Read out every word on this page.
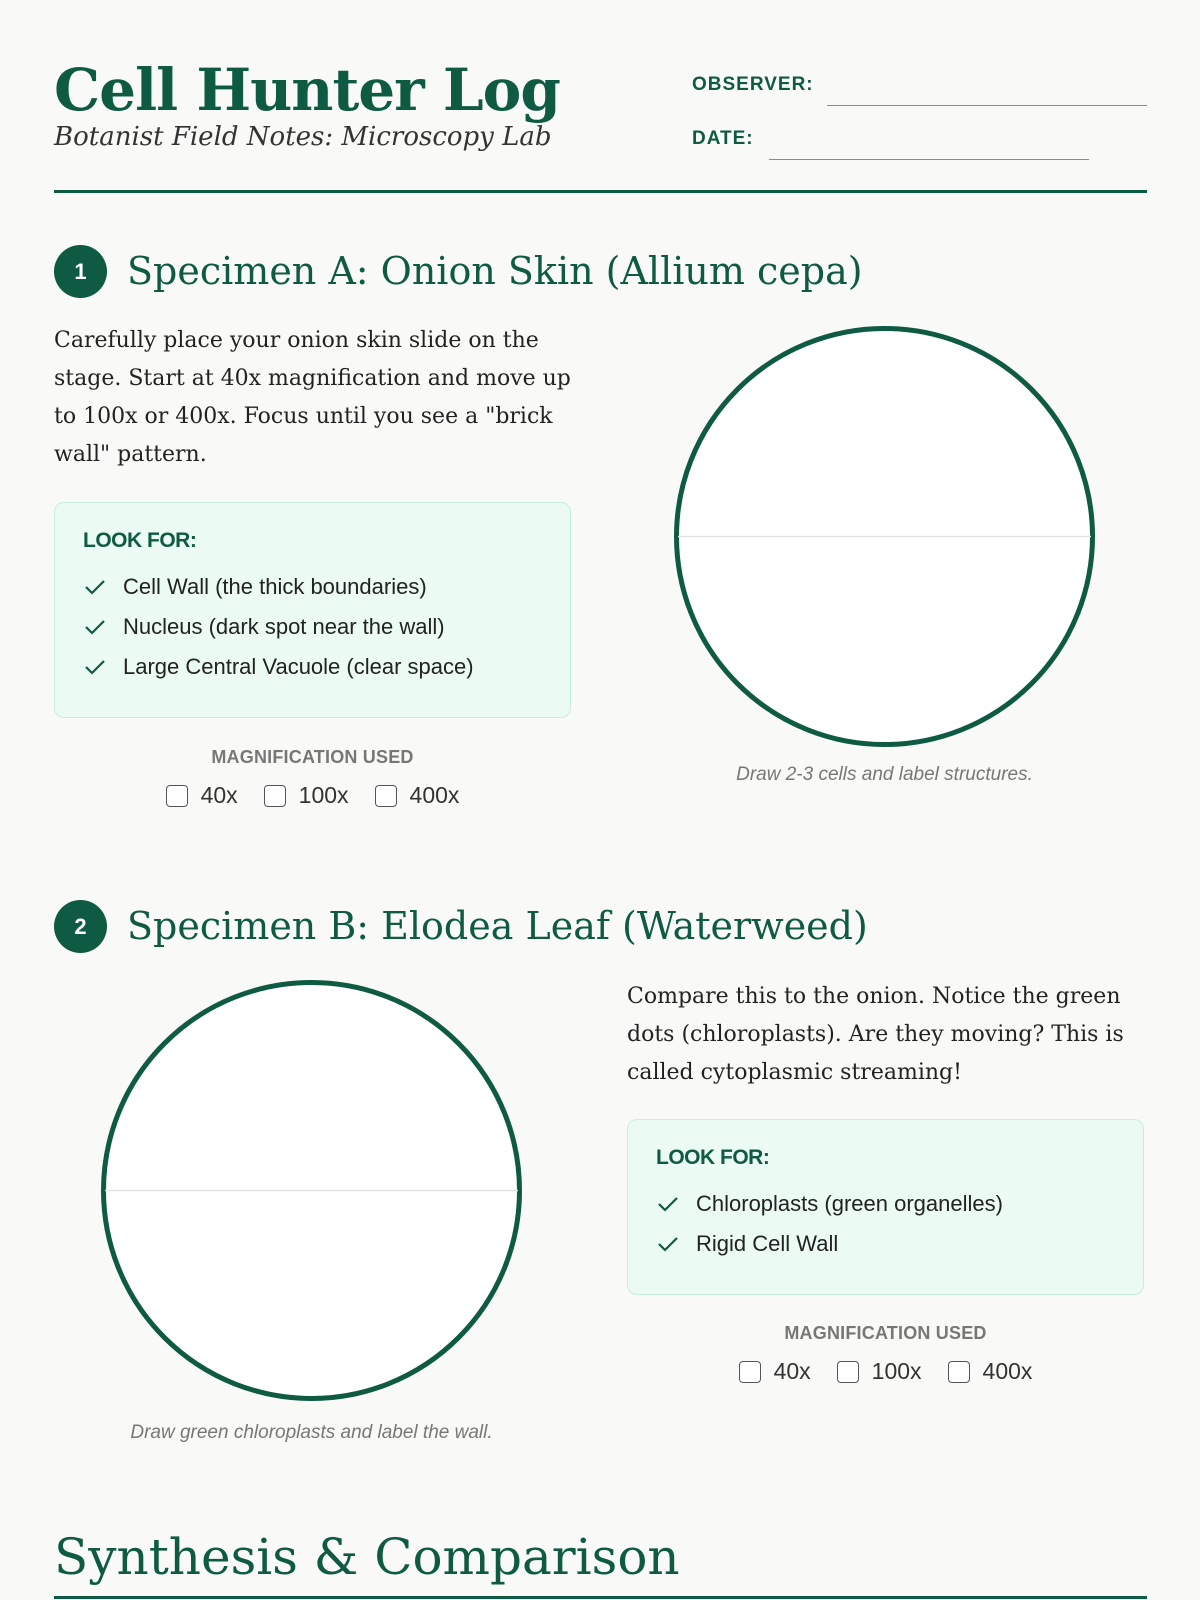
Cell Hunter Log
Botanist Field Notes: Microscopy Lab
OBSERVER:
DATE:
1	Specimen A: Onion Skin (Allium cepa)

Carefully place your onion skin slide on the stage. Start at 40x magnification and move up to 100x or 400x. Focus until you see a "brick wall" pattern.

LOOK FOR:
Cell Wall (the thick boundaries)
Nucleus (dark spot near the wall)
Large Central Vacuole (clear space)
MAGNIFICATION USED
40x	100x	400x
Draw 2-3 cells and label structures.
2	Specimen B: Elodea Leaf (Waterweed)
Draw green chloroplasts and label the wall.

Compare this to the onion. Notice the green dots (chloroplasts). Are they moving? This is called cytoplasmic streaming!

LOOK FOR:
Chloroplasts (green organelles)
Rigid Cell Wall
MAGNIFICATION USED
40x	100x	400x
Synthesis & Comparison
